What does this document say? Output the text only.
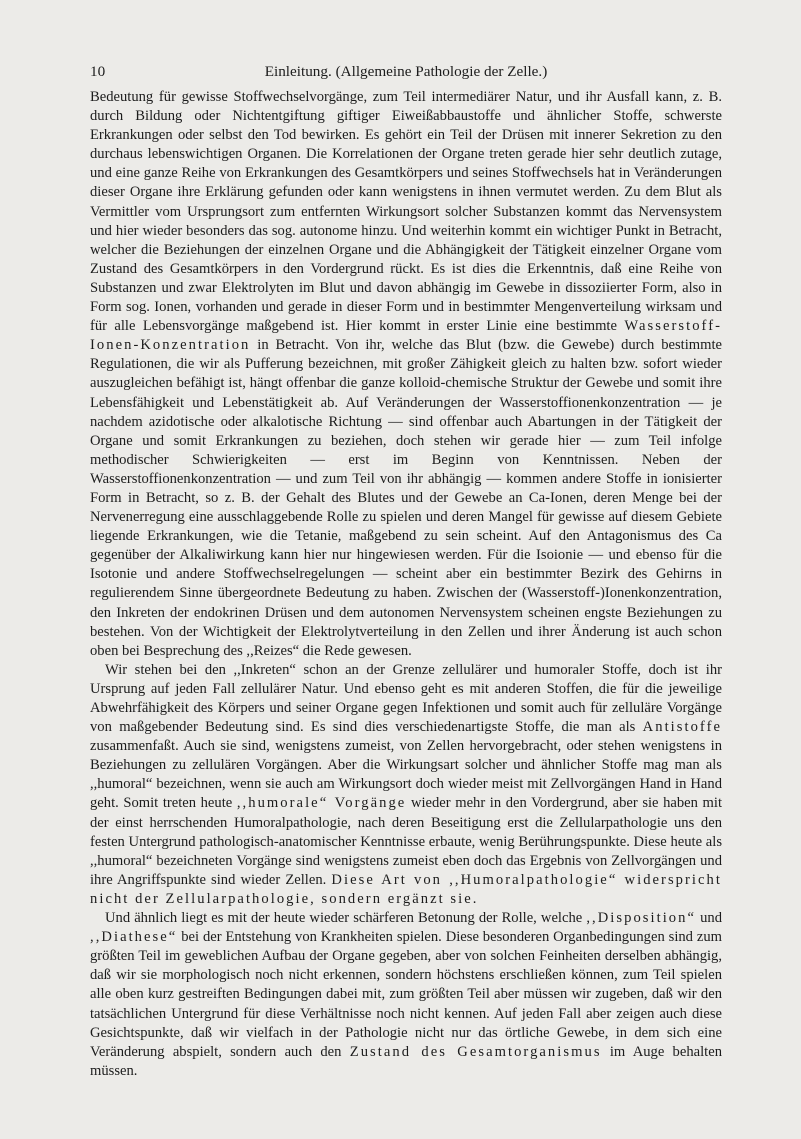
10	Einleitung. (Allgemeine Pathologie der Zelle.)

Bedeutung für gewisse Stoffwechselvorgänge, zum Teil intermediärer Natur, und ihr Ausfall kann, z. B. durch Bildung oder Nichtentgiftung giftiger Eiweißabbaustoffe und ähnlicher Stoffe, schwerste Erkrankungen oder selbst den Tod bewirken. Es gehört ein Teil der Drüsen mit innerer Sekretion zu den durchaus lebenswichtigen Organen. Die Korrelationen der Organe treten gerade hier sehr deutlich zutage, und eine ganze Reihe von Erkrankungen des Gesamtkörpers und seines Stoffwechsels hat in Veränderungen dieser Organe ihre Erklärung gefunden oder kann wenigstens in ihnen vermutet werden. Zu dem Blut als Vermittler vom Ursprungsort zum entfernten Wirkungsort solcher Substanzen kommt das Nervensystem und hier wieder besonders das sog. autonome hinzu. Und weiterhin kommt ein wichtiger Punkt in Betracht, welcher die Beziehungen der einzelnen Organe und die Abhängigkeit der Tätigkeit einzelner Organe vom Zustand des Gesamtkörpers in den Vordergrund rückt. Es ist dies die Erkenntnis, daß eine Reihe von Substanzen und zwar Elektrolyten im Blut und davon abhängig im Gewebe in dissoziierter Form, also in Form sog. Ionen, vorhanden und gerade in dieser Form und in bestimmter Mengenverteilung wirksam und für alle Lebensvorgänge maßgebend ist. Hier kommt in erster Linie eine bestimmte Wasserstoff-Ionen-Konzentration in Betracht. Von ihr, welche das Blut (bzw. die Gewebe) durch bestimmte Regulationen, die wir als Pufferung bezeichnen, mit großer Zähigkeit gleich zu halten bzw. sofort wieder auszugleichen befähigt ist, hängt offenbar die ganze kolloid-chemische Struktur der Gewebe und somit ihre Lebensfähigkeit und Lebenstätigkeit ab. Auf Veränderungen der Wasserstoffionenkonzentration — je nachdem azidotische oder alkalotische Richtung — sind offenbar auch Abartungen in der Tätigkeit der Organe und somit Erkrankungen zu beziehen, doch stehen wir gerade hier — zum Teil infolge methodischer Schwierigkeiten — erst im Beginn von Kenntnissen. Neben der Wasserstoffionenkonzentration — und zum Teil von ihr abhängig — kommen andere Stoffe in ionisierter Form in Betracht, so z. B. der Gehalt des Blutes und der Gewebe an Ca-Ionen, deren Menge bei der Nervenerregung eine ausschlaggebende Rolle zu spielen und deren Mangel für gewisse auf diesem Gebiete liegende Erkrankungen, wie die Tetanie, maßgebend zu sein scheint. Auf den Antagonismus des Ca gegenüber der Alkaliwirkung kann hier nur hingewiesen werden. Für die Isoionie — und ebenso für die Isotonie und andere Stoffwechselregelungen — scheint aber ein bestimmter Bezirk des Gehirns in regulierendem Sinne übergeordnete Bedeutung zu haben. Zwischen der (Wasserstoff-)Ionenkonzentration, den Inkreten der endokrinen Drüsen und dem autonomen Nervensystem scheinen engste Beziehungen zu bestehen. Von der Wichtigkeit der Elektrolytverteilung in den Zellen und ihrer Änderung ist auch schon oben bei Besprechung des ,,Reizes“ die Rede gewesen.

Wir stehen bei den ,,Inkreten“ schon an der Grenze zellulärer und humoraler Stoffe, doch ist ihr Ursprung auf jeden Fall zellulärer Natur. Und ebenso geht es mit anderen Stoffen, die für die jeweilige Abwehrfähigkeit des Körpers und seiner Organe gegen Infektionen und somit auch für zelluläre Vorgänge von maßgebender Bedeutung sind. Es sind dies verschiedenartigste Stoffe, die man als Antistoffe zusammenfaßt. Auch sie sind, wenigstens zumeist, von Zellen hervorgebracht, oder stehen wenigstens in Beziehungen zu zellulären Vorgängen. Aber die Wirkungsart solcher und ähnlicher Stoffe mag man als ,,humoral“ bezeichnen, wenn sie auch am Wirkungsort doch wieder meist mit Zellvorgängen Hand in Hand geht. Somit treten heute ,,humorale“ Vorgänge wieder mehr in den Vordergrund, aber sie haben mit der einst herrschenden Humoralpathologie, nach deren Beseitigung erst die Zellularpathologie uns den festen Untergrund pathologisch-anatomischer Kenntnisse erbaute, wenig Berührungspunkte. Diese heute als ,,humoral“ bezeichneten Vorgänge sind wenigstens zumeist eben doch das Ergebnis von Zellvorgängen und ihre Angriffspunkte sind wieder Zellen. Diese Art von ,,Humoralpathologie“ widerspricht nicht der Zellularpathologie, sondern ergänzt sie.

Und ähnlich liegt es mit der heute wieder schärferen Betonung der Rolle, welche ,,Disposition“ und ,,Diathese“ bei der Entstehung von Krankheiten spielen. Diese besonderen Organbedingungen sind zum größten Teil im geweblichen Aufbau der Organe gegeben, aber von solchen Feinheiten derselben abhängig, daß wir sie morphologisch noch nicht erkennen, sondern höchstens erschließen können, zum Teil spielen alle oben kurz gestreiften Bedingungen dabei mit, zum größten Teil aber müssen wir zugeben, daß wir den tatsächlichen Untergrund für diese Verhältnisse noch nicht kennen. Auf jeden Fall aber zeigen auch diese Gesichtspunkte, daß wir vielfach in der Pathologie nicht nur das örtliche Gewebe, in dem sich eine Veränderung abspielt, sondern auch den Zustand des Gesamtorganismus im Auge behalten müssen.
